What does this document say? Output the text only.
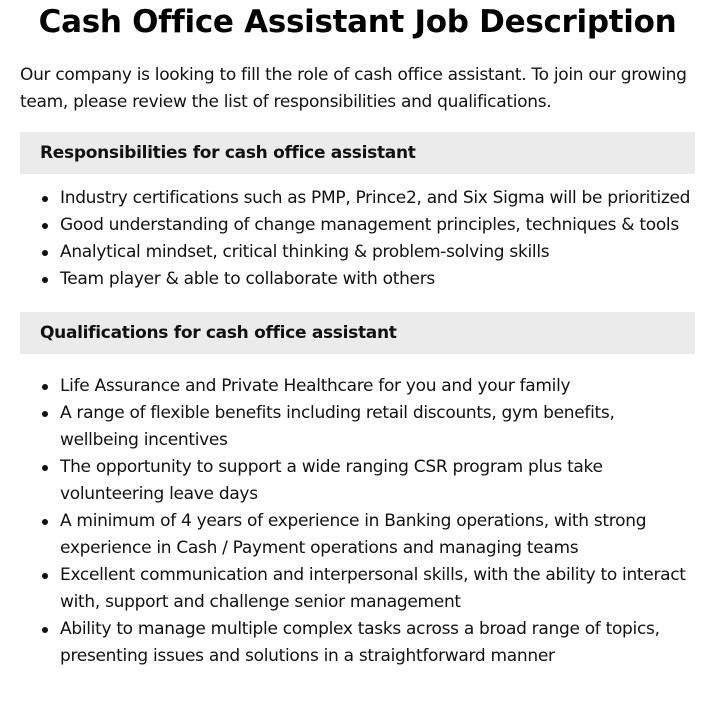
Cash Office Assistant Job Description

Our company is looking to fill the role of cash office assistant. To join our growing team, please review the list of responsibilities and qualifications.

Responsibilities for cash office assistant
Industry certifications such as PMP, Prince2, and Six Sigma will be prioritized
Good understanding of change management principles, techniques & tools
Analytical mindset, critical thinking & problem-solving skills
Team player & able to collaborate with others
Qualifications for cash office assistant
Life Assurance and Private Healthcare for you and your family
A range of flexible benefits including retail discounts, gym benefits, wellbeing incentives
The opportunity to support a wide ranging CSR program plus take volunteering leave days
A minimum of 4 years of experience in Banking operations, with strong experience in Cash / Payment operations and managing teams
Excellent communication and interpersonal skills, with the ability to interact with, support and challenge senior management
Ability to manage multiple complex tasks across a broad range of topics, presenting issues and solutions in a straightforward manner
